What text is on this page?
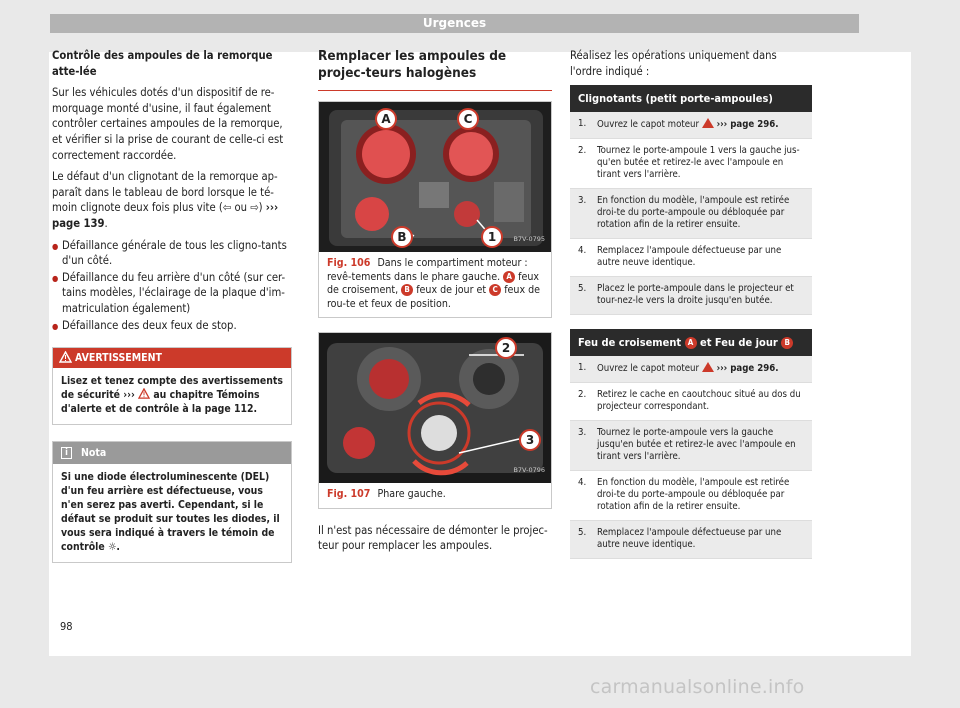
Urgences

Contrôle des ampoules de la remorque atte-lée

Sur les véhicules dotés d'un dispositif de re-morquage monté d'usine, il faut également contrôler certaines ampoules de la remorque, et vérifier si la prise de courant de celle-ci est correctement raccordée.

Le défaut d'un clignotant de la remorque ap-paraît dans le tableau de bord lorsque le té-moin clignote deux fois plus vite (⇦ ou ⇨) ››› page 139.

● Défaillance générale de tous les cligno-tants d'un côté.
● Défaillance du feu arrière d'un côté (sur cer-tains modèles, l'éclairage de la plaque d'im-matriculation également)
● Défaillance des deux feux de stop.
AVERTISSEMENT
Lisez et tenez compte des avertissements de sécurité ››› au chapitre Témoins d'alerte et de contrôle à la page 112.
i	Nota
Si une diode électroluminescente (DEL) d'un feu arrière est défectueuse, vous n'en serez pas averti. Cependant, si le défaut se produit sur toutes les diodes, il vous sera indiqué à travers le témoin de contrôle ☼.
Remplacer les ampoules de projec-teurs halogènes
A	C
B	1	B7V-0795
Fig. 106 Dans le compartiment moteur : revê-tements dans le phare gauche. A feux de croisement, B feux de jour et C feux de rou-te et feux de position.
2
3
B7V-0796
Fig. 107 Phare gauche.

Il n'est pas nécessaire de démonter le projec-teur pour remplacer les ampoules.

Réalisez les opérations uniquement dans l'ordre indiqué :

Clignotants (petit porte-ampoules)
1.	Ouvrez le capot moteur ››› page 296.
2.	Tournez le porte-ampoule 1 vers la gauche jus-qu'en butée et retirez-le avec l'ampoule en tirant vers l'arrière.
3.	En fonction du modèle, l'ampoule est retirée droi-te du porte-ampoule ou débloquée par rotation afin de la retirer ensuite.
4.	Remplacez l'ampoule défectueuse par une autre neuve identique.
5.	Placez le porte-ampoule dans le projecteur et tour-nez-le vers la droite jusqu'en butée.
Feu de croisement A et Feu de jour B
1.	Ouvrez le capot moteur ››› page 296.
2.	Retirez le cache en caoutchouc situé au dos du projecteur correspondant.
3.	Tournez le porte-ampoule vers la gauche jusqu'en butée et retirez-le avec l'ampoule en tirant vers l'arrière.
4.	En fonction du modèle, l'ampoule est retirée droi-te du porte-ampoule ou débloquée par rotation afin de la retirer ensuite.
5.	Remplacez l'ampoule défectueuse par une autre neuve identique.
98
carmanualsonline.info
